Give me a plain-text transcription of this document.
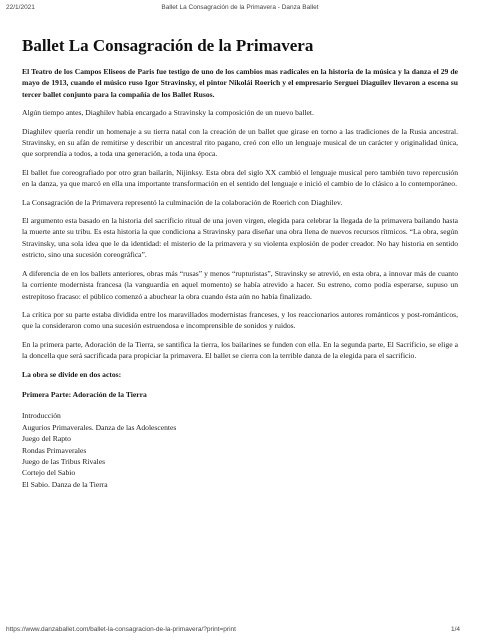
22/1/2021	Ballet La Consagración de la Primavera - Danza Ballet
Ballet La Consagración de la Primavera

El Teatro de los Campos Eliseos de Paris fue testigo de uno de los cambios mas radicales en la historia de la música y la danza el 29 de mayo de 1913, cuando el músico ruso Igor Stravinsky, el pintor Nikolái Roerich y el empresario Serguei Diaguilev llevaron a escena su tercer ballet conjunto para la compañía de los Ballet Rusos.

Algún tiempo antes, Diaghilev había encargado a Stravinsky la composición de un nuevo ballet.

Diaghilev quería rendir un homenaje a su tierra natal con la creación de un ballet que girase en torno a las tradiciones de la Rusia ancestral. Stravinsky, en su afán de remitirse y describir un ancestral rito pagano, creó con ello un lenguaje musical de un carácter y originalidad única, que sorprendía a todos, a toda una generación, a toda una época.

El ballet fue coreografiado por otro gran bailarín, Nijinksy. Esta obra del siglo XX cambió el lenguaje musical pero también tuvo repercusión en la danza, ya que marcó en ella una importante transformación en el sentido del lenguaje e inició el cambio de lo clásico a lo contemporáneo.

La Consagración de la Primavera representó la culminación de la colaboración de Roerich con Diaghilev.

El argumento esta basado en la historia del sacrificio ritual de una joven virgen, elegida para celebrar la llegada de la primavera bailando hasta la muerte ante su tribu. Es esta historia la que condiciona a Stravinsky para diseñar una obra llena de nuevos recursos rítmicos. “La obra, según Stravinsky, una sola idea que le da identidad: el misterio de la primavera y su violenta explosión de poder creador. No hay historia en sentido estricto, sino una sucesión coreográfica”.

A diferencia de en los ballets anteriores, obras más “rusas” y menos “rupturistas”, Stravinsky se atrevió, en esta obra, a innovar más de cuanto la corriente modernista francesa (la vanguardia en aquel momento) se había atrevido a hacer. Su estreno, como podía esperarse, supuso un estrepitoso fracaso: el público comenzó a abuchear la obra cuando ésta aún no había finalizado.

La crítica por su parte estaba dividida entre los maravillados modernistas franceses, y los reaccionarios autores románticos y post-románticos, que la consideraron como una sucesión estruendosa e incomprensible de sonidos y ruidos.

En la primera parte, Adoración de la Tierra, se santifica la tierra, los bailarines se funden con ella. En la segunda parte, El Sacrificio, se elige a la doncella que será sacrificada para propiciar la primavera. El ballet se cierra con la terrible danza de la elegida para el sacrificio.

La obra se divide en dos actos:

Primera Parte: Adoración de la Tierra

Introducción
Augurios Primaverales. Danza de las Adolescentes
Juego del Rapto
Rondas Primaverales
Juego de las Tribus Rivales
Cortejo del Sabio
El Sabio. Danza de la Tierra
https://www.danzaballet.com/ballet-la-consagracion-de-la-primavera/?print=print	1/4
